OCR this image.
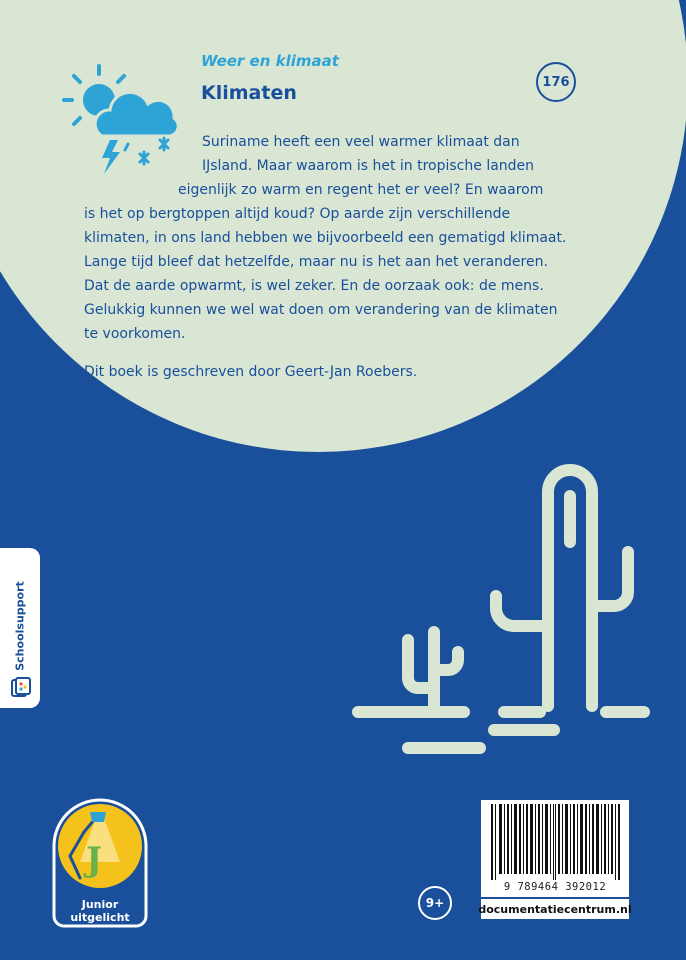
Weer en klimaat
Klimaten	176
Suriname heeft een veel warmer klimaat dan
IJsland. Maar waarom is het in tropische landen
eigenlijk zo warm en regent het er veel? En waarom
is het op bergtoppen altijd koud? Op aarde zijn verschillende
klimaten, in ons land hebben we bijvoorbeeld een gematigd klimaat.
Lange tijd bleef dat hetzelfde, maar nu is het aan het veranderen.
Dat de aarde opwarmt, is wel zeker. En de oorzaak ook: de mens.
Gelukkig kunnen we wel wat doen om verandering van de klimaten
te voorkomen.
Dit boek is geschreven door Geert-Jan Roebers.
Schoolsupport
J
Junior
uitgelicht
9+
9 789464 392012
documentatiecentrum.nl
